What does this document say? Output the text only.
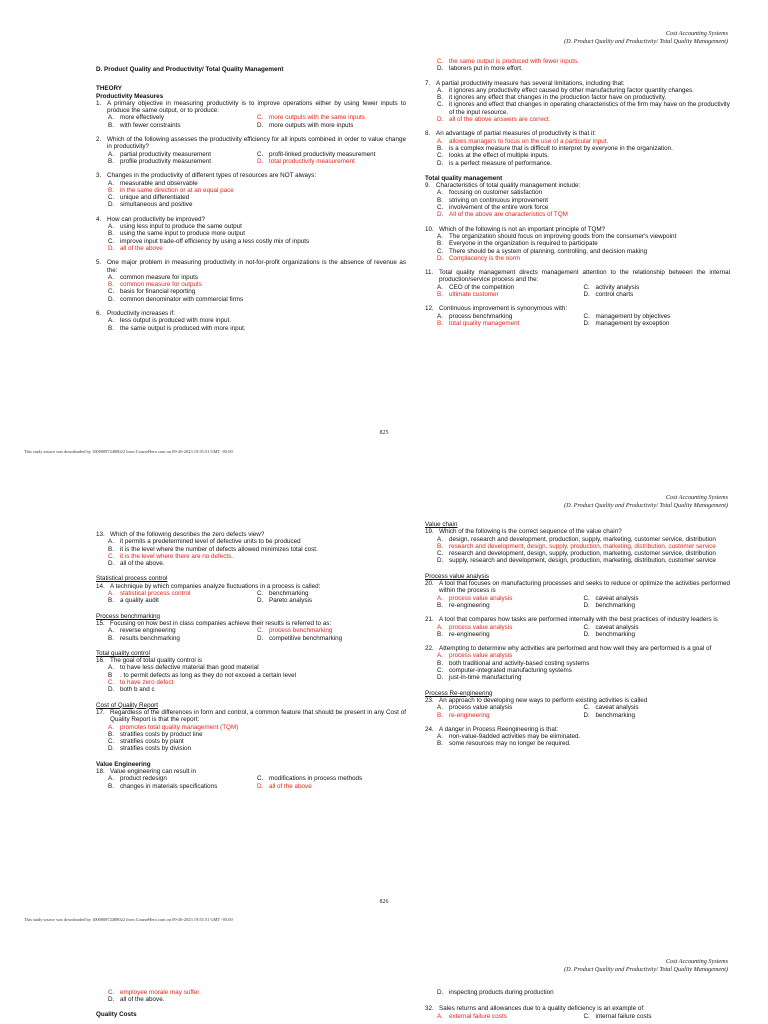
Cost Accounting Systems
(D. Product Quality and Productivity/ Total Quality Management)
D. Product Quality and Productivity/ Total Quality Management
THEORY
Productivity Measures
1. A primary objective in measuring productivity is to improve operations either by using fewer inputs to produce the same output, or to produce:
A. more effectively	C. more outputs with the same inputs
B. with fewer constraints	D. more outputs with more inputs
2. Which of the following assesses the productivity efficiency for all inputs combined in order to value change in productivity?
A. partial productivity measurement	C. profit-linked productivity measurement
B. profile productivity measurement	D. total productivity measurement
3. Changes in the productivity of different types of resources are NOT always:
A. measurable and observable
B. in the same direction or at an equal pace
C. unique and differentiated
D. simultaneous and positive
4. How can productivity be improved?
A. using less input to produce the same output
B. using the same input to produce more output
C. improve input trade-off efficiency by using a less costly mix of inputs
D. all of the above
5. One major problem in measuring productivity in not-for-profit organizations is the absence of revenue as the:
A. common measure for inputs
B. common measure for outputs
C. basis for financial reporting
D. common denominator with commercial firms
6. Productivity increases if:
A. less output is produced with more input.
B. the same output is produced with more input.
C. the same output is produced with fewer inputs.
D. laborers put in more effort.
7. A partial productivity measure has several limitations, including that:
A. it ignores any productivity effect caused by other manufacturing factor quantity changes.
B. it ignores any effect that changes in the production factor have on productivity.
C. it ignores and effect that changes in operating characteristics of the firm may have on the productivity of the input resource.
D. all of the above answers are correct.
8. An advantage of partial measures of productivity is that it:
A. allows managers to focus on the use of a particular input.
B. is a complex measure that is difficult to interpret by everyone in the organization.
C. looks at the effect of multiple inputs.
D. is a perfect measure of performance.
Total quality management
9. Characteristics of total quality management include:
A. focusing on customer satisfaction
B. striving on continuous improvement
C. involvement of the entire work force
D. All of the above are characteristics of TQM
10. Which of the following is not an important principle of TQM?
A. The organization should focus on improving goods from the consumer's viewpoint
B. Everyone in the organization is required to participate
C. There should be a system of planning, controlling, and decision making
D. Complacency is the norm
11. Total quality management directs management attention to the relationship between the internal production/service process and the:
A. CEO of the competition	C. activity analysis
B. ultimate customer	D. control charts
12. Continuous improvement is synonymous with:
A. process benchmarking	C. management by objectives
B. total quality management	D. management by exception
825
This study source was downloaded by 100000872488022 from CourseHero.com on 09-26-2023 19:55:51 GMT -05:00
Cost Accounting Systems
(D. Product Quality and Productivity/ Total Quality Management)
13. Which of the following describes the zero defects view?
A. it permits a predetermined level of defective units to be produced
B. it is the level where the number of defects allowed minimizes total cost.
C. it is the level where there are no defects.
D. all of the above.
Statistical process control
14. A technique by which companies analyze fluctuations in a process is called:
A. statistical process control	C. benchmarking
B. a quality audit	D. Pareto analysis
Process benchmarking
15. Focusing on how best in class companies achieve their results is referred to as:
A. reverse engineering	C. process benchmarking
B. results benchmarking	D. competitive benchmarking
Total quality control
16. The goal of total quality control is
A. to have less defective material than good material
B	. to permit defects as long as they do not exceed a certain level
C. to have zero defect
D. both b and c
Cost of Quality Report
17. Regardless of the differences in form and control, a common feature that should be present in any Cost of Quality Report is that the report:
A. promotes total quality management (TQM)
B. stratifies costs by product line
C. stratifies costs by plant
D. stratifies costs by division
Value Engineering
18. Value engineering can result in
A. product redesign	C. modifications in process methods
B. changes in materials specifications	D. all of the above
Value chain
19. Which of the following is the correct sequence of the value chain?
A. design, research and development, production, supply, marketing, customer service, distribution
B. research and development, design, supply, production, marketing, distribution, customer service
C. research and development, design, supply, production, marketing, customer service, distribution
D. supply, research and development, design, production, marketing, distribution, customer service
Process value analysis
20. A tool that focuses on manufacturing processes and seeks to reduce or optimize the activities performed within the process is
A. process value analysis	C. caveat analysis
B. re-engineering	D. benchmarking
21. A tool that compares how tasks are performed internally with the best practices of industry leaders is
A. process value analysis	C. caveat analysis
B. re-engineering	D. benchmarking
22. Attempting to determine why activities are performed and how well they are performed is a goal of
A. process value analysis
B. both traditional and activity-based costing systems
C. computer-integrated manufacturing systems
D. just-in-time manufacturing
Process Re-engineering
23. An approach to developing new ways to perform existing activities is called
A. process value analysis	C. caveat analysis
B. re-engineering	D. benchmarking
24. A danger in Process Reengineering is that:
A. non-value-9added activities may be eliminated.
B. some resources may no longer be required.
826
This study source was downloaded by 100000872488022 from CourseHero.com on 09-26-2023 19:55:51 GMT -05:00
Cost Accounting Systems
(D. Product Quality and Productivity/ Total Quality Management)
C. employee morale may suffer.
D. all of the above.
Quality Costs
D. inspecting products during production
32. Sales returns and allowances due to a quality deficiency is an example of:
A. external failure costs	C. internal failure costs
